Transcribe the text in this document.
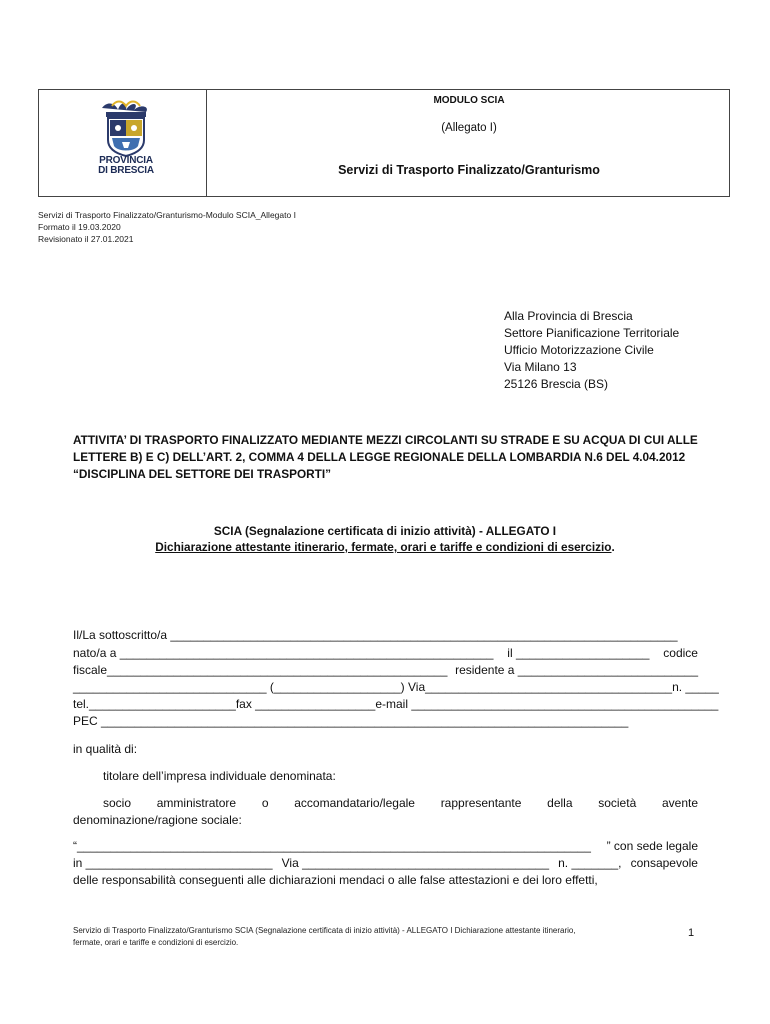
PROVINCIA
DI BRESCIA
MODULO SCIA
(Allegato I)
Servizi di Trasporto Finalizzato/Granturismo
Servizi di Trasporto Finalizzato/Granturismo-Modulo SCIA_Allegato I
Formato il 19.03.2020
Revisionato il 27.01.2021
Alla Provincia di Brescia
Settore Pianificazione Territoriale
Ufficio Motorizzazione Civile
Via Milano 13
25126 Brescia (BS)
ATTIVITA’ DI TRASPORTO FINALIZZATO MEDIANTE MEZZI CIRCOLANTI SU STRADE E SU ACQUA DI CUI ALLE
LETTERE B) E C) DELL’ART. 2, COMMA 4 DELLA LEGGE REGIONALE DELLA LOMBARDIA N.6 DEL 4.04.2012
“DISCIPLINA DEL SETTORE DEI TRASPORTI”
SCIA (Segnalazione certificata di inizio attività) - ALLEGATO I
Dichiarazione attestante itinerario, fermate, orari e tariffe e condizioni di esercizio.
Il/La sottoscritto/a ____________________________________________________________________________
nato/a a ________________________________________________________ il ____________________ codice
fiscale___________________________________________________ residente a ___________________________
_____________________________ (___________________) Via_____________________________________ n. _____
tel.______________________ fax __________________ e-mail ______________________________________________
PEC _______________________________________________________________________________
in qualità di:
titolare dell’impresa individuale denominata:
socio amministratore o accomandatario/legale rappresentante della società avente
denominazione/ragione sociale:
“_____________________________________________________________________________ ” con sede legale
in ____________________________ Via _____________________________________ n. _______, consapevole
delle responsabilità conseguenti alle dichiarazioni mendaci o alle false attestazioni e dei loro effetti,
Servizio di Trasporto Finalizzato/Granturismo SCIA (Segnalazione certificata di inizio attività) - ALLEGATO I Dichiarazione attestante itinerario,
fermate, orari e tariffe e condizioni di esercizio.
1
